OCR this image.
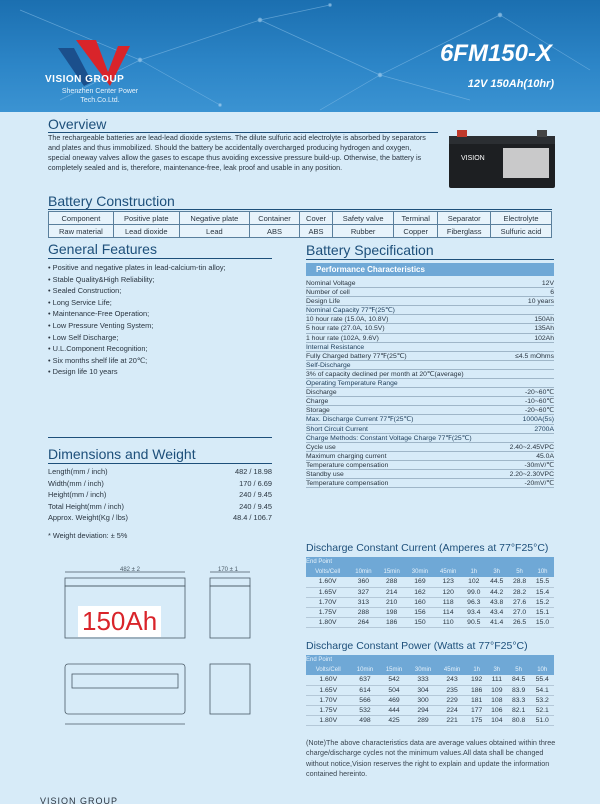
VISION GROUP
Shenzhen Center Power Tech.Co.Ltd.
6FM150-X
12V 150Ah(10hr)
Overview
The rechargeable batteries are lead-lead dioxide systems. The dilute sulfuric acid electrolyte is absorbed by separators and plates and thus immobilized. Should the battery be accidentally overcharged producing hydrogen and oxygen, special oneway valves allow the gases to escape thus avoiding excessive pressure build-up. Otherwise, the battery is completely sealed and is, therefore, maintenance-free, leak proof and usable in any position.
VISION
Battery Construction
Component	Positive plate	Negative plate	Container	Cover	Safety valve	Terminal	Separator	Electrolyte
Raw material	Lead dioxide	Lead	ABS	ABS	Rubber	Copper	Fiberglass	Sulfuric acid
General Features
• Positive and negative plates in lead-calcium-tin alloy;
• Stable Quality&High Reliability;
• Sealed Construction;
• Long Service Life;
• Maintenance-Free Operation;
• Low Pressure Venting System;
• Low Self Discharge;
• U.L.Component Recognition;
• Six months shelf life at 20℃;
• Design life 10 years
Dimensions and Weight
Length(mm / inch)	482 / 18.98
Width(mm / inch)	170 / 6.69
Height(mm / inch)	240 / 9.45
Total Height(mm / inch)	240 / 9.45
Approx. Weight(Kg / lbs)	48.4 / 106.7
* Weight deviation: ± 5%
482 ± 2	170 ± 1
150Ah
Battery Specification
Performance Characteristics
Nominal Voltage	12V
Number of cell	6
Design Life	10 years
Nominal Capacity 77℉(25℃)
10 hour rate (15.0A, 10.8V)	150Ah
5 hour rate (27.0A, 10.5V)	135Ah
1 hour rate (102A, 9.6V)	102Ah
Internal Resistance
Fully Charged battery 77℉(25℃)	≤4.5 mOhms
Self-Discharge
3% of capacity declined per month at 20℃(average)
Operating Temperature Range
Discharge	-20~60℃
Charge	-10~60℃
Storage	-20~60℃
Max. Discharge Current 77℉(25℃)	1000A(5s)
Short Circuit Current	2700A
Charge Methods: Constant Voltage Charge 77℉(25℃)
Cycle use	2.40~2.45VPC
Maximum charging current	45.0A
Temperature compensation	-30mV/℃
Standby use	2.20~2.30VPC
Temperature compensation	-20mV/℃
Discharge Constant Current (Amperes at 77°F25°C)
End Point								
Volts/Cell	10min	15min	30min	45min	1h	3h	5h	10h
1.60V	360	288	169	123	102	44.5	28.8	15.5
1.65V	327	214	162	120	99.0	44.2	28.2	15.4
1.70V	313	210	160	118	96.3	43.8	27.6	15.2
1.75V	288	198	156	114	93.4	43.4	27.0	15.1
1.80V	264	186	150	110	90.5	41.4	26.5	15.0
Discharge Constant Power (Watts at 77°F25°C)
End Point								
Volts/Cell	10min	15min	30min	45min	1h	3h	5h	10h
1.60V	637	542	333	243	192	111	84.5	55.4
1.65V	614	504	304	235	186	109	83.9	54.1
1.70V	566	469	300	229	181	108	83.3	53.2
1.75V	532	444	294	224	177	106	82.1	52.1
1.80V	498	425	289	221	175	104	80.8	51.0
(Note)The above characteristics data are average values obtained within three charge/discharge cycles not the minimum values.All data shall be changed without notice,Vision reserves the right to explain and update the information contained hereinto.
VISION GROUP
